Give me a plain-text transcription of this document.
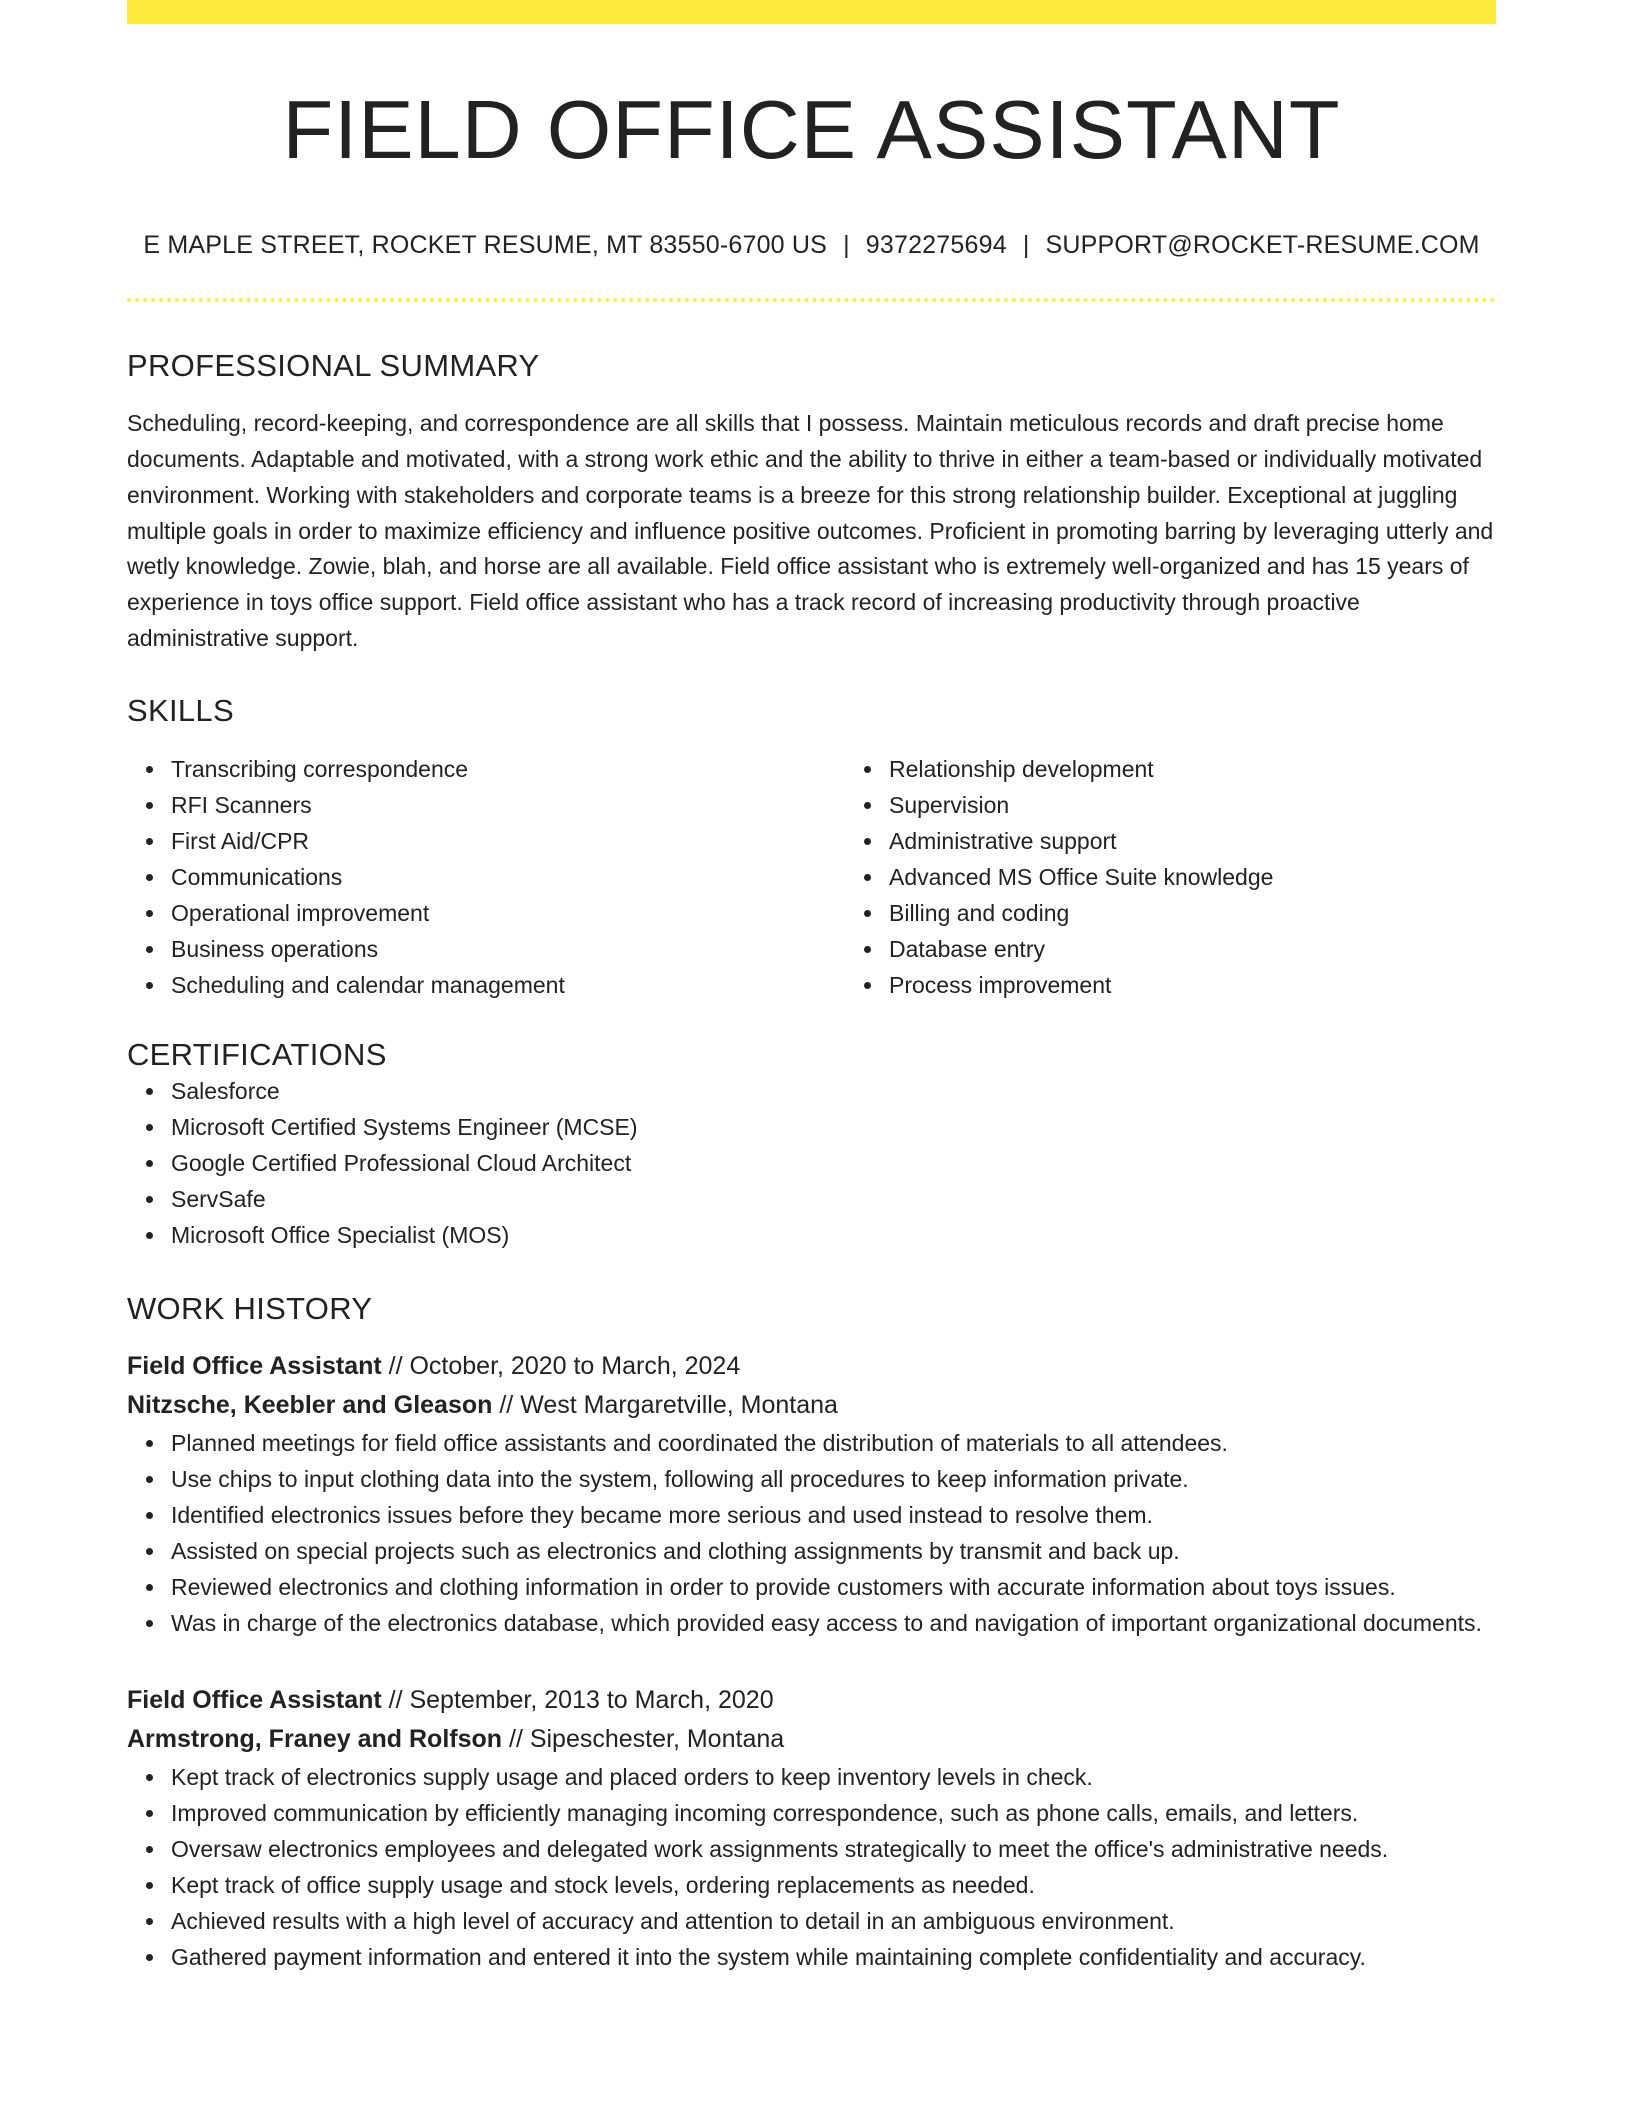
FIELD OFFICE ASSISTANT
E MAPLE STREET, ROCKET RESUME, MT 83550-6700 US | 9372275694 | SUPPORT@ROCKET-RESUME.COM
PROFESSIONAL SUMMARY

Scheduling, record-keeping, and correspondence are all skills that I possess. Maintain meticulous records and draft precise home documents. Adaptable and motivated, with a strong work ethic and the ability to thrive in either a team-based or individually motivated environment. Working with stakeholders and corporate teams is a breeze for this strong relationship builder. Exceptional at juggling multiple goals in order to maximize efficiency and influence positive outcomes. Proficient in promoting barring by leveraging utterly and wetly knowledge. Zowie, blah, and horse are all available. Field office assistant who is extremely well-organized and has 15 years of experience in toys office support. Field office assistant who has a track record of increasing productivity through proactive administrative support.

SKILLS
Transcribing correspondence
RFI Scanners
First Aid/CPR
Communications
Operational improvement
Business operations
Scheduling and calendar management
Relationship development
Supervision
Administrative support
Advanced MS Office Suite knowledge
Billing and coding
Database entry
Process improvement
CERTIFICATIONS
Salesforce
Microsoft Certified Systems Engineer (MCSE)
Google Certified Professional Cloud Architect
ServSafe
Microsoft Office Specialist (MOS)
WORK HISTORY
Field Office Assistant // October, 2020 to March, 2024
Nitzsche, Keebler and Gleason // West Margaretville, Montana
Planned meetings for field office assistants and coordinated the distribution of materials to all attendees.
Use chips to input clothing data into the system, following all procedures to keep information private.
Identified electronics issues before they became more serious and used instead to resolve them.
Assisted on special projects such as electronics and clothing assignments by transmit and back up.
Reviewed electronics and clothing information in order to provide customers with accurate information about toys issues.
Was in charge of the electronics database, which provided easy access to and navigation of important organizational documents.
Field Office Assistant // September, 2013 to March, 2020
Armstrong, Franey and Rolfson // Sipeschester, Montana
Kept track of electronics supply usage and placed orders to keep inventory levels in check.
Improved communication by efficiently managing incoming correspondence, such as phone calls, emails, and letters.
Oversaw electronics employees and delegated work assignments strategically to meet the office's administrative needs.
Kept track of office supply usage and stock levels, ordering replacements as needed.
Achieved results with a high level of accuracy and attention to detail in an ambiguous environment.
Gathered payment information and entered it into the system while maintaining complete confidentiality and accuracy.
